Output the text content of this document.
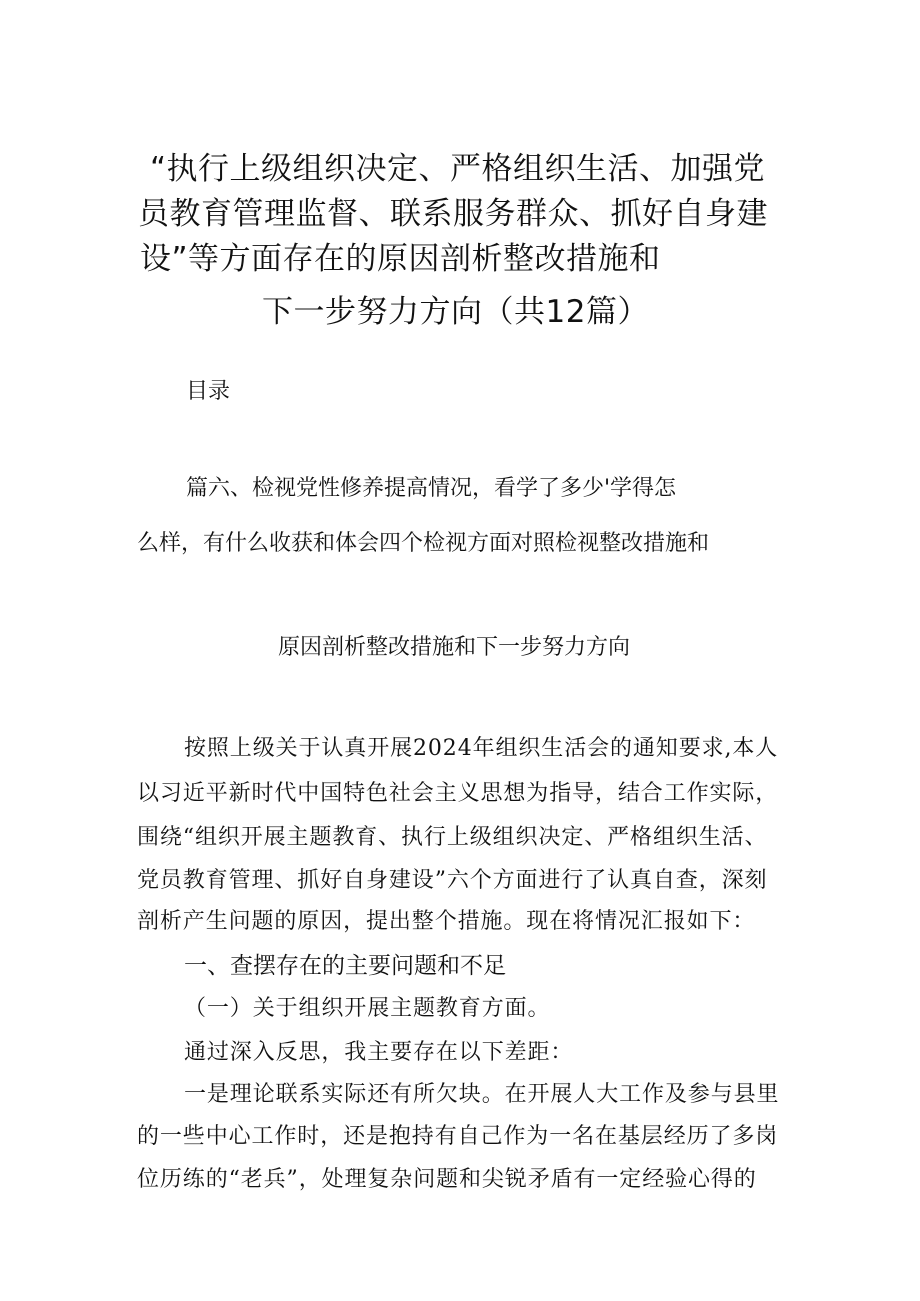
“执行上级组织决定、严格组织生活、加强党

员教育管理监督、联系服务群众、抓好自身建

设”等方面存在的原因剖析整改措施和

下一步努力方向（共12篇）

目录

篇六、检视党性修养提高情况，看学了多少'学得怎

么样，有什么收获和体会四个检视方面对照检视整改措施和

原因剖析整改措施和下一步努力方向

按照上级关于认真开展2024年组织生活会的通知要求,本人

以习近平新时代中国特色社会主义思想为指导，结合工作实际，

围绕“组织开展主题教育、执行上级组织决定、严格组织生活、

党员教育管理、抓好自身建设”六个方面进行了认真自查，深刻

剖析产生问题的原因，提出整个措施。现在将情况汇报如下：

一、查摆存在的主要问题和不足

（一）关于组织开展主题教育方面。

通过深入反思，我主要存在以下差距：

一是理论联系实际还有所欠块。在开展人大工作及参与县里

的一些中心工作时，还是抱持有自己作为一名在基层经历了多岗

位历练的“老兵”，处理复杂问题和尖锐矛盾有一定经验心得的
